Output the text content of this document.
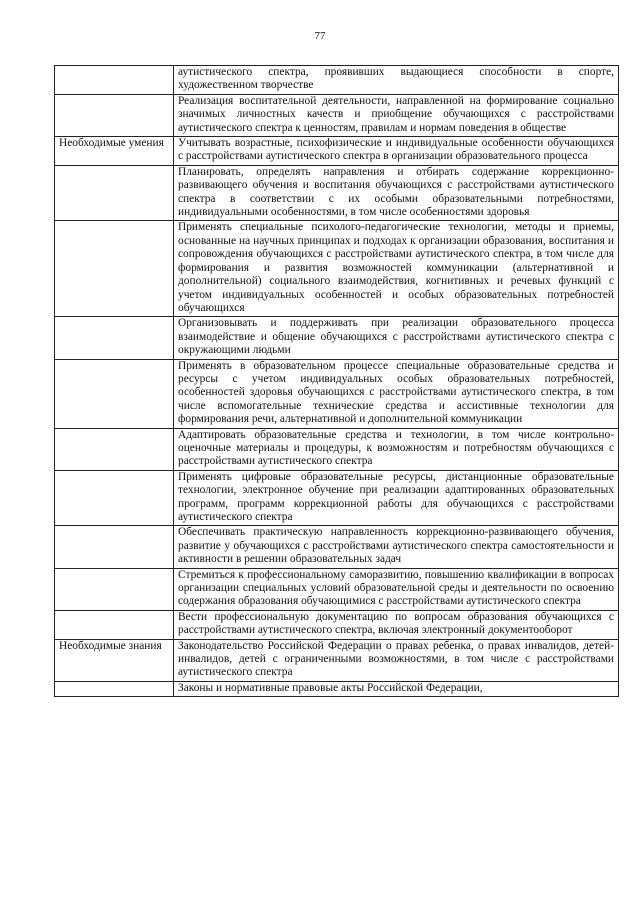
77
	аутистического спектра, проявивших выдающиеся способности в спорте, художественном творчестве
	Реализация воспитательной деятельности, направленной на формирование социально значимых личностных качеств и приобщение обучающихся с расстройствами аутистического спектра к ценностям, правилам и нормам поведения в обществе
Необходимые умения	Учитывать возрастные, психофизические и индивидуальные особенности обучающихся с расстройствами аутистического спектра в организации образовательного процесса
	Планировать, определять направления и отбирать содержание коррекционно-развивающего обучения и воспитания обучающихся с расстройствами аутистического спектра в соответствии с их особыми образовательными потребностями, индивидуальными особенностями, в том числе особенностями здоровья
	Применять специальные психолого-педагогические технологии, методы и приемы, основанные на научных принципах и подходах к организации образования, воспитания и сопровождения обучающихся с расстройствами аутистического спектра, в том числе для формирования и развития возможностей коммуникации (альтернативной и дополнительной) социального взаимодействия, когнитивных и речевых функций с учетом индивидуальных особенностей и особых образовательных потребностей обучающихся
	Организовывать и поддерживать при реализации образовательного процесса взаимодействие и общение обучающихся с расстройствами аутистического спектра с окружающими людьми
	Применять в образовательном процессе специальные образовательные средства и ресурсы с учетом индивидуальных особых образовательных потребностей, особенностей здоровья обучающихся с расстройствами аутистического спектра, в том числе вспомогательные технические средства и ассистивные технологии для формирования речи, альтернативной и дополнительной коммуникации
	Адаптировать образовательные средства и технологии, в том числе контрольно-оценочные материалы и процедуры, к возможностям и потребностям обучающихся с расстройствами аутистического спектра
	Применять цифровые образовательные ресурсы, дистанционные образовательные технологии, электронное обучение при реализации адаптированных образовательных программ, программ коррекционной работы для обучающихся с расстройствами аутистического спектра
	Обеспечивать практическую направленность коррекционно-развивающего обучения, развитие у обучающихся с расстройствами аутистического спектра самостоятельности и активности в решении образовательных задач
	Стремиться к профессиональному саморазвитию, повышению квалификации в вопросах организации специальных условий образовательной среды и деятельности по освоению содержания образования обучающимися с расстройствами аутистического спектра
	Вести профессиональную документацию по вопросам образования обучающихся с расстройствами аутистического спектра, включая электронный документооборот
Необходимые знания	Законодательство Российской Федерации о правах ребенка, о правах инвалидов, детей-инвалидов, детей с ограниченными возможностями, в том числе с расстройствами аутистического спектра
	Законы и нормативные правовые акты Российской Федерации,
